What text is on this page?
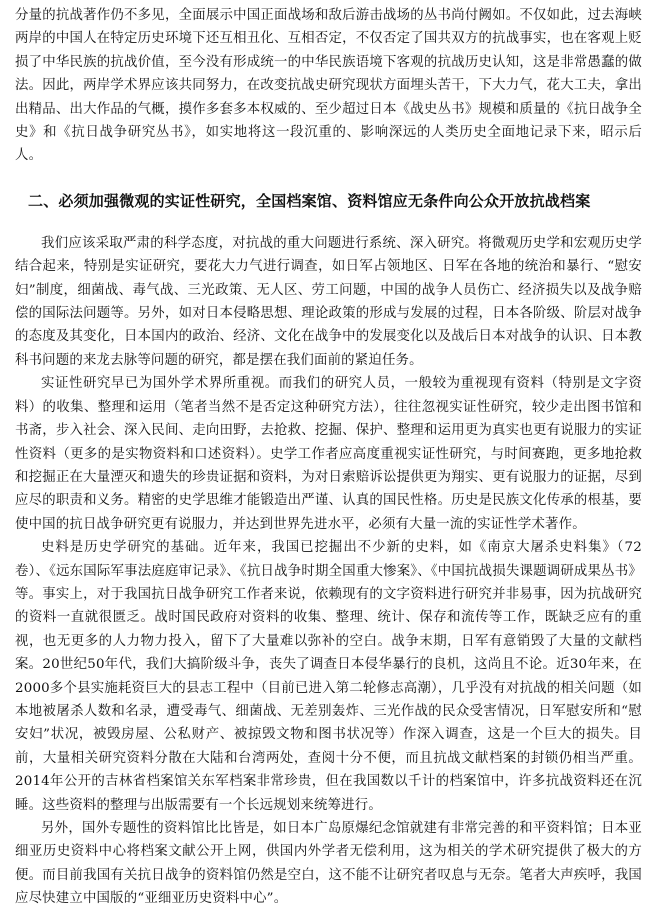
分量的抗战著作仍不多见，全面展示中国正面战场和敌后游击战场的丛书尚付阙如。不仅如此，过去海峡两岸的中国人在特定历史环境下还互相丑化、互相否定，不仅否定了国共双方的抗战事实，也在客观上贬损了中华民族的抗战价值，至今没有形成统一的中华民族语境下客观的抗战历史认知，这是非常愚蠢的做法。因此，两岸学术界应该共同努力，在改变抗战史研究现状方面埋头苦干，下大力气，花大工夫，拿出出精品、出大作品的气概，摸作多套多本权威的、至少超过日本《战史丛书》规模和质量的《抗日战争全史》和《抗日战争研究丛书》，如实地将这一段沉重的、影响深远的人类历史全面地记录下来，昭示后人。

二、必须加强微观的实证性研究，全国档案馆、资料馆应无条件向公众开放抗战档案

我们应该采取严肃的科学态度，对抗战的重大问题进行系统、深入研究。将微观历史学和宏观历史学结合起来，特别是实证研究，要花大力气进行调查，如日军占领地区、日军在各地的统治和暴行、“慰安妇”制度，细菌战、毒气战、三光政策、无人区、劳工问题，中国的战争人员伤亡、经济损失以及战争赔偿的国际法问题等。另外，如对日本侵略思想、理论政策的形成与发展的过程，日本各阶级、阶层对战争的态度及其变化，日本国内的政治、经济、文化在战争中的发展变化以及战后日本对战争的认识、日本教科书问题的来龙去脉等问题的研究，都是摆在我们面前的紧迫任务。

实证性研究早已为国外学术界所重视。而我们的研究人员，一般较为重视现有资料（特别是文字资料）的收集、整理和运用（笔者当然不是否定这种研究方法），往往忽视实证性研究，较少走出图书馆和书斋，步入社会、深入民间、走向田野，去抢救、挖掘、保护、整理和运用更为真实也更有说服力的实证性资料（更多的是实物资料和口述资料）。史学工作者应高度重视实证性研究，与时间赛跑，更多地抢救和挖掘正在大量湮灭和遗失的珍贵证据和资料，为对日索赔诉讼提供更为翔实、更有说服力的证据，尽到应尽的职责和义务。精密的史学思维才能锻造出严谨、认真的国民性格。历史是民族文化传承的根基，要使中国的抗日战争研究更有说服力，并达到世界先进水平，必须有大量一流的实证性学术著作。

史料是历史学研究的基础。近年来，我国已挖掘出不少新的史料，如《南京大屠杀史料集》（72卷）、《远东国际军事法庭庭审记录》、《抗日战争时期全国重大惨案》、《中国抗战损失课题调研成果丛书》等。事实上，对于我国抗日战争研究工作者来说，依赖现有的文字资料进行研究并非易事，因为抗战研究的资料一直就很匮乏。战时国民政府对资料的收集、整理、统计、保存和流传等工作，既缺乏应有的重视，也无更多的人力物力投入，留下了大量难以弥补的空白。战争末期，日军有意销毁了大量的文献档案。20世纪50年代，我们大搞阶级斗争，丧失了调查日本侵华暴行的良机，这尚且不论。近30年来，在2000多个县实施耗资巨大的县志工程中（目前已进入第二轮修志高潮），几乎没有对抗战的相关问题（如本地被屠杀人数和名录，遭受毒气、细菌战、无差别轰炸、三光作战的民众受害情况，日军慰安所和“慰安妇”状况，被毁房屋、公私财产、被掠毁文物和图书状况等）作深入调查，这是一个巨大的损失。目前，大量相关研究资料分散在大陆和台湾两处，查阅十分不便，而且抗战文献档案的封锁仍相当严重。2014年公开的吉林省档案馆关东军档案非常珍贵，但在我国数以千计的档案馆中，许多抗战资料还在沉睡。这些资料的整理与出版需要有一个长远规划来统筹进行。

另外，国外专题性的资料馆比比皆是，如日本广岛原爆纪念馆就建有非常完善的和平资料馆；日本亚细亚历史资料中心将档案文献公开上网，供国内外学者无偿利用，这为相关的学术研究提供了极大的方便。而目前我国有关抗日战争的资料馆仍然是空白，这不能不让研究者叹息与无奈。笔者大声疾呼，我国应尽快建立中国版的“亚细亚历史资料中心”。
